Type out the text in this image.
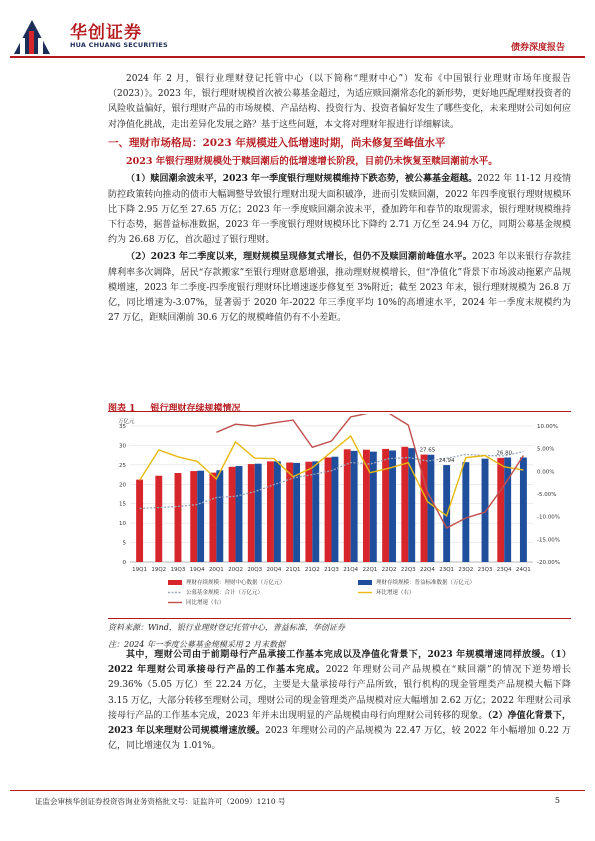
华创证券
HUA CHUANG SECURITIES	债券深度报告

2024 年 2 月，银行业理财登记托管中心（以下简称“理财中心”）发布《中国银行业理财市场年度报告（2023）》。2023 年，银行理财规模首次被公募基金超过，为适应赎回潮常态化的新形势，更好地匹配理财投资者的风险收益偏好，银行理财产品的市场规模、产品结构、投资行为、投资者偏好发生了哪些变化，未来理财公司如何应对净值化挑战，走出差异化发展之路？基于这些问题，本文将对理财年报进行详细解读。

一、理财市场格局：2023 年规模进入低增速时期，尚未修复至峰值水平

2023 年银行理财规模处于赎回潮后的低增速增长阶段，目前仍未恢复至赎回潮前水平。

（1）赎回潮余波未平，2023 年一季度银行理财规模维持下跌态势，被公募基金超越。2022 年 11-12 月疫情防控政策转向推动的债市大幅调整导致银行理财出现大面积破净，进而引发赎回潮，2022 年四季度银行理财规模环比下降 2.95 万亿至 27.65 万亿；2023 年一季度赎回潮余波未平，叠加跨年和春节的取现需求，银行理财规模维持下行态势，据普益标准数据，2023 年一季度银行理财规模环比下降约 2.71 万亿至 24.94 万亿，同期公募基金规模约为 26.68 万亿，首次超过了银行理财。

（2）2023 年二季度以来，理财规模呈现修复式增长，但仍不及赎回潮前峰值水平。2023 年以来银行存款挂牌利率多次调降，居民“存款搬家”至银行理财意愿增强，推动理财规模增长，但“净值化”背景下市场波动拖累产品规模增速，2023 年二季度-四季度银行理财环比增速逐步修复至 3%附近；截至 2023 年末，银行理财规模为 26.8 万亿，同比增速为-3.07%，显著弱于 2020 年-2022 年三季度平均 10%的高增速水平，2024 年一季度末规模约为 27 万亿，距赎回潮前 30.6 万亿的规模峰值仍有不小差距。

图表 1 银行理财存续规模情况
0
5
10
15
20
25
30
35
-20.00%
-15.00%
-10.00%
-5.00%
0.00%
5.00%
10.00%
万亿元
19Q1 19Q2 19Q3 19Q4 20Q1 20Q2 20Q3 20Q4 21Q1 21Q2 21Q3 21Q4 22Q1 22Q2 22Q3 22Q4 23Q1 23Q2 23Q3 23Q4 24Q1
24.94
27.65	26.80
理财存续规模：理财中心数据（万亿元）	理财存续规模：普益标准数据（万亿元）
公募基金规模：合计（万亿元）	环比增速（右）
同比增速（右）
资料来源：Wind，银行业理财登记托管中心，普益标准，华创证券
注：2024 年一季度公募基金规模采用 2 月末数据

其中，理财公司由于前期母行产品承接工作基本完成以及净值化背景下，2023 年规模增速同样放缓。（1）2022 年理财公司承接母行产品的工作基本完成。2022 年理财公司产品规模在“赎回潮”的情况下逆势增长 29.36%（5.05 万亿）至 22.24 万亿，主要是大量承接母行产品所致，银行机构的现金管理类产品规模大幅下降 3.15 万亿，大部分转移至理财公司，理财公司的现金管理类产品规模对应大幅增加 2.62 万亿；2022 年理财公司承接母行产品的工作基本完成，2023 年并未出现明显的产品规模由母行向理财公司转移的现象。（2）净值化背景下，2023 年以来理财公司规模增速放缓。2023 年理财公司的产品规模为 22.47 万亿，较 2022 年小幅增加 0.22 万亿，同比增速仅为 1.01%。

证监会审核华创证券投资咨询业务资格批文号：证监许可（2009）1210 号	5
